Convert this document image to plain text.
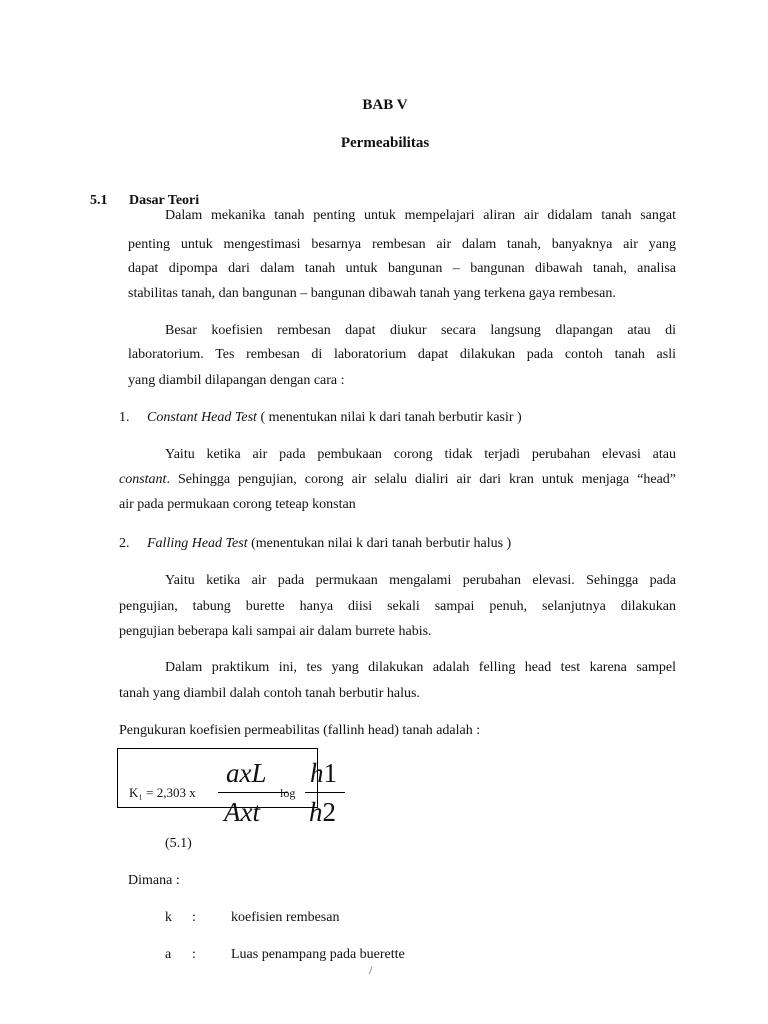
BAB V
Permeabilitas
5.1 Dasar Teori
Dalam mekanika tanah penting untuk mempelajari aliran air didalam tanah sangat
penting untuk mengestimasi besarnya rembesan air dalam tanah, banyaknya air yang
dapat dipompa dari dalam tanah untuk bangunan – bangunan dibawah tanah, analisa
stabilitas tanah, dan bangunan – bangunan dibawah tanah yang terkena gaya rembesan.
Besar koefisien rembesan dapat diukur secara langsung dlapangan atau di
laboratorium. Tes rembesan di laboratorium dapat dilakukan pada contoh tanah asli
yang diambil dilapangan dengan cara :
1. Constant Head Test ( menentukan nilai k dari tanah berbutir kasir )
Yaitu ketika air pada pembukaan corong tidak terjadi perubahan elevasi atau
constant. Sehingga pengujian, corong air selalu dialiri air dari kran untuk menjaga “head”
air pada permukaan corong teteap konstan
2. Falling Head Test (menentukan nilai k dari tanah berbutir halus )
Yaitu ketika air pada permukaan mengalami perubahan elevasi. Sehingga pada
pengujian, tabung burette hanya diisi sekali sampai penuh, selanjutnya dilakukan
pengujian beberapa kali sampai air dalam burrete habis.
Dalam praktikum ini, tes yang dilakukan adalah felling head test karena sampel
tanah yang diambil dalah contoh tanah berbutir halus.
Pengukuran koefisien permeabilitas (fallinh head) tanah adalah :
K₁ = 2,303 x
axL
Axt
log
h1
h2
(5.1)
Dimana :
k :	koefisien rembesan
a :	Luas penampang pada buerette
/
